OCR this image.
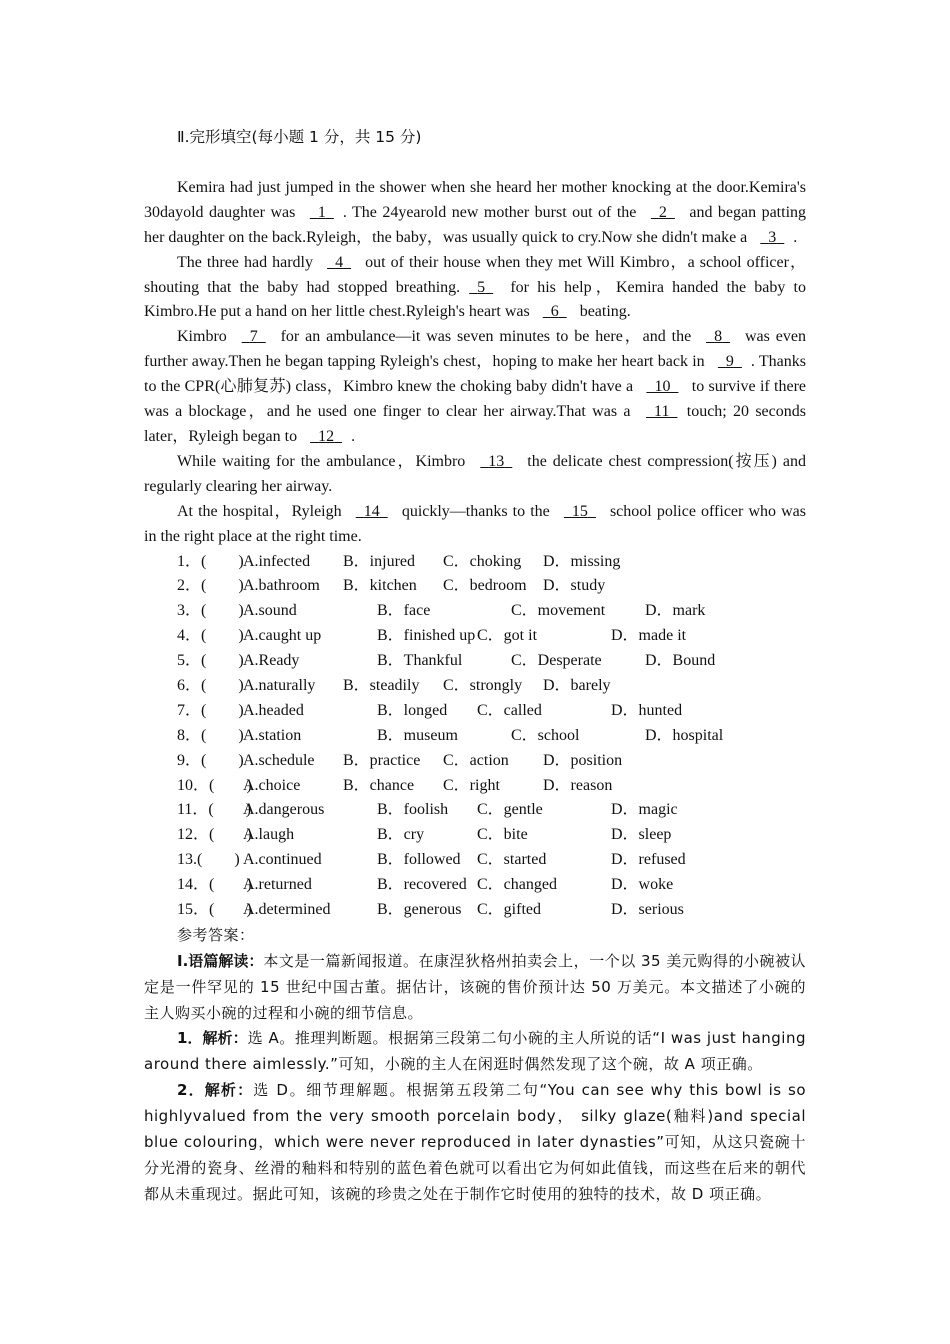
Ⅱ.完形填空(每小题 1 分，共 15 分)

Kemira had just jumped in the shower when she heard her mother knocking at the door.Kemira's 30dayold daughter was   1 . The 24yearold new mother burst out of the   2   and began patting her daughter on the back.Ryleigh，the baby，was usually quick to cry.Now she didn't make a   3 .

The three had hardly   4   out of their house when they met Will Kimbro，a school officer，shouting that the baby had stopped breathing. 5   for his help，Kemira handed the baby to Kimbro.He put a hand on her little chest.Ryleigh's heart was   6   beating.

Kimbro   7   for an ambulance—it was seven minutes to be here，and the   8   was even further away.Then he began tapping Ryleigh's chest，hoping to make her heart back in   9 . Thanks to the CPR(心肺复苏) class，Kimbro knew the choking baby didn't have a   10   to survive if there was a blockage，and he used one finger to clear her airway.That was a   11 touch; 20 seconds later，Ryleigh began to   12 .

While waiting for the ambulance，Kimbro   13   the delicate chest compression(按压) and regularly clearing her airway.

At the hospital，Ryleigh   14   quickly—thanks to the   15   school police officer who was in the right place at the right time.

1．(　　) A.infected	B．injured	C．choking	D．missing
2．(　　) A.bathroom	B．kitchen	C．bedroom	D．study
3．(　　) A.sound	B．face	C．movement	D．mark
4．(　　) A.caught up	B．finished up C．got it	D．made it
5．(　　) A.Ready	B．Thankful	C．Desperate	D．Bound
6．(　　) A.naturally	B．steadily	C．strongly	D．barely
7．(　　) A.headed	B．longed	C．called	D．hunted
8．(　　) A.station	B．museum	C．school	D．hospital
9．(　　) A.schedule	B．practice	C．action	D．position
10．(　　)
A.choice	B．chance	C．right	D．reason
11．(　　)
A.dangerous	B．foolish	C．gentle	D．magic
12．(　　)
A.laugh	B．cry	C．bite	D．sleep
13.(　　) A.continued	B．followed	C．started	D．refused
14．(　　)
A.returned	B．recovered C．changed	D．woke
15．(　　)
A.determined	B．generous C．gifted	D．serious
参考答案：

Ⅰ.语篇解读：本文是一篇新闻报道。在康涅狄格州拍卖会上，一个以 35 美元购得的小碗被认定是一件罕见的 15 世纪中国古董。据估计，该碗的售价预计达 50 万美元。本文描述了小碗的主人购买小碗的过程和小碗的细节信息。

1．解析：选 A。推理判断题。根据第三段第二句小碗的主人所说的话“I was just hanging around there aimlessly.”可知，小碗的主人在闲逛时偶然发现了这个碗，故 A 项正确。

2．解析：选 D。细节理解题。根据第五段第二句“You can see why this bowl is so highlyvalued from the very smooth porcelain body， silky glaze(釉料)and special blue colouring，which were never reproduced in later dynasties”可知，从这只瓷碗十分光滑的瓷身、丝滑的釉料和特别的蓝色着色就可以看出它为何如此值钱，而这些在后来的朝代都从未重现过。据此可知，该碗的珍贵之处在于制作它时使用的独特的技术，故 D 项正确。
